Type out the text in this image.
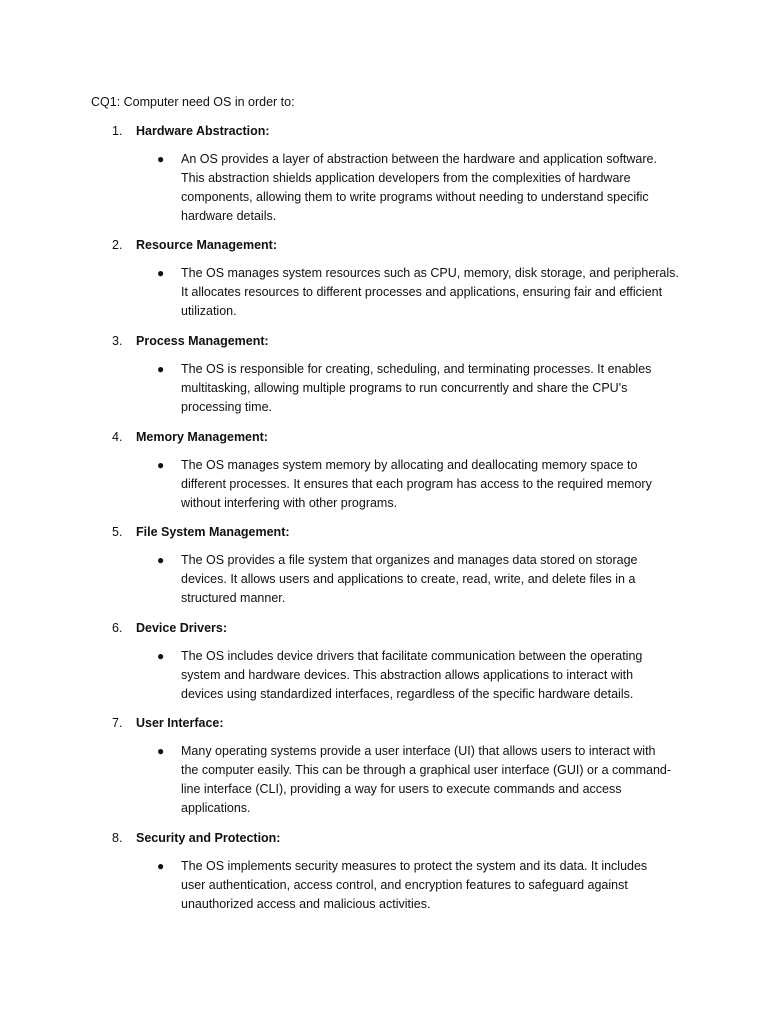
CQ1: Computer need OS in order to:
1.	Hardware Abstraction:
● An OS provides a layer of abstraction between the hardware and application software.
This abstraction shields application developers from the complexities of hardware
components, allowing them to write programs without needing to understand specific
hardware details.
2.	Resource Management:
● The OS manages system resources such as CPU, memory, disk storage, and peripherals.
It allocates resources to different processes and applications, ensuring fair and efficient
utilization.
3.	Process Management:
● The OS is responsible for creating, scheduling, and terminating processes. It enables
multitasking, allowing multiple programs to run concurrently and share the CPU's
processing time.
4.	Memory Management:
● The OS manages system memory by allocating and deallocating memory space to
different processes. It ensures that each program has access to the required memory
without interfering with other programs.
5.	File System Management:
● The OS provides a file system that organizes and manages data stored on storage
devices. It allows users and applications to create, read, write, and delete files in a
structured manner.
6.	Device Drivers:
● The OS includes device drivers that facilitate communication between the operating
system and hardware devices. This abstraction allows applications to interact with
devices using standardized interfaces, regardless of the specific hardware details.
7.	User Interface:
● Many operating systems provide a user interface (UI) that allows users to interact with
the computer easily. This can be through a graphical user interface (GUI) or a command-
line interface (CLI), providing a way for users to execute commands and access
applications.
8.	Security and Protection:
● The OS implements security measures to protect the system and its data. It includes
user authentication, access control, and encryption features to safeguard against
unauthorized access and malicious activities.
